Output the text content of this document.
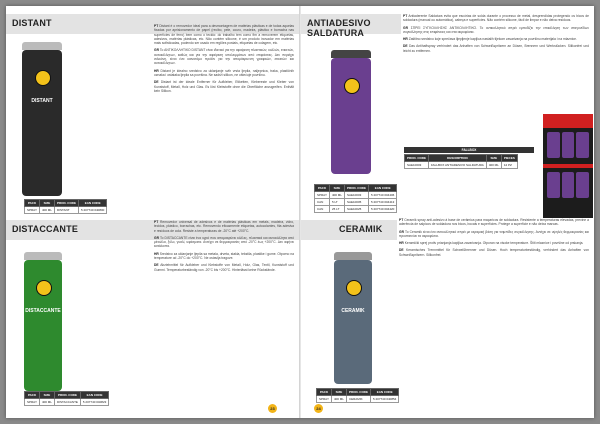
DISTANT
DISTANT

PT Distant é o removedor ideal para a desmontagem de matérias plásticas e de todas aquelas fixadas por aprisionamento de papel (recibo, pele, couro, madeira, plástico e borracha nas superfícies de ferro) bem como o tecido: do trabalho tem como fim a removerem etiquetas, adesivos, matérias plásticas, etc. Não contém silicone, é um produto inovador em matérias mais sofisticadas, podendo ser usado em regiões postais, etiquetas de colagem, etc.

GR Το ΑΝΤΙΚΟΛΛΗΤΙΚΟ DISTANT είναι ιδανικό για την αφαίρεση πλαστικών, κολλών, ετικετών, αυτοκόλλητων, καθώς και για την αφαίρεση υπολειμμάτων από επιφάνειες. Δεν περιέχει σιλικόνη, είναι ένα καινοτόμο προϊόν για την απομάκρυνση γραφικών, ετικετών και αυτοκόλλητων.

HR Distant je idealno sredstvo za uklanjanje svih vrsta ljepila, naljepnica, traka, plastičnih oznaka i ostataka ljepila sa površina. Ne sadrži silikon, ne oštećuje površinu.

DE Distant ist der ideale Entferner für Aufkleber, Etiketten, Klebereste und Kleber von Kunststoff, Metall, Holz und Glas. Es löst Klebstoffe ohne die Oberfläche anzugreifen. Enthält kein Silikon.

PACK	SIZE	PROD. CODE	EAN CODE
SPRAY	400 ML	DISTANT	5 207740 040800
DISTACCANTE
DISTACCANTE

PT Removedor universal de adesivos e de matérias plásticas em metais, madeira, vidro, tecidos, plástico, borrachas, etc. Removendo eficazmente etiquetas, autocolantes, fita adesiva e resíduos de cola. Resiste a temperaturas de -20°C até +200°C.

GR Το DISTACCANTE είναι ένα υγρό που απομακρύνει κόλλες, πλαστικά και αυτοκόλλητα από μέταλλα, ξύλο, γυαλί, υφάσματα. Αντέχει σε θερμοκρασίες από -20°C έως +200°C. Δεν αφήνει κατάλοιπα.

HR Sredstvo za uklanjanje ljepila sa metala, drveta, stakla, tekstila, plastike i gume. Otporno na temperature od -20°C do +200°C. Ne ostavlja tragove.

DE Abziehmittel für Aufkleber und Klebstoffe von Metall, Holz, Glas, Textil, Kunststoff und Gummi. Temperaturbeständig von -20°C bis +200°C. Hinterlässt keine Rückstände.

PACK	SIZE	PROD. CODE	EAN CODE
SPRAY	400 ML	DISTACCANTE	5 207740 040823
23
ANTIADESIVO SALDATURA

PT Antiaderente Saldatura evita que escórias de solda durante o processo de metal, desprendidas protegendo os bicos de soldadura (manual ou automática), cabeça e superfícies. Não contém silicone, fácil de limpar e não deixa resíduos.

GR ΣΠΡΕΙ ΣΥΓΚΟΛΛΗΣΗΣ ΑΝΤΙΚΟΛΛΗΤΙΚΟ. Το αντικολλητικό σπρέι εμποδίζει την επικόλληση των σταγονιδίων συγκόλλησης στις επιφάνειες και στα ακροφύσια.

HR Zaštitno sredstvo koje sprečava lijepljenje kapljica nastalih tijekom zavarivanja na površinu materijala i na mlaznice.

DE Das Antihaftspray verhindert das Anhaften von Schweißspritzern an Düsen, Brennern und Werkstücken. Silikonfrei und leicht zu entfernen.

FALLBOX
PROD. CODE	DESCRIPTION	SIZE	PIECES
SAE10003	FALLBOX ANTIADESIVO SALDATURA	400 ML	12 PZ
PACK	SIZE	PROD. CODE	EAN CODE
SPRAY	400 ML	SAE10003	5 207740 004406
CAN	5 LT	SAE10005	5 207740 004413
CAN	25 LT	SAE10025	5 207740 004420
CERAMIK

PT Ceramik spray anti-adesivo à base de cerâmica para maçaricos de soldadura. Resistente a temperaturas elevadas, previne a aderência de salpicos de soldadura nos bicos, bocais e superfícies. Protege a superfície e não deixa marcas.

GR Το Ceramik είναι ένα αντικολλητικό σπρέι με κεραμική βάση για τσιμπίδες συγκόλλησης. Αντέχει σε υψηλές θερμοκρασίες και προστατεύει τα ακροφύσια.

HR Keramički sprej protiv prianjanja kapljica zavarivanja. Otporan na visoke temperature. Štiti mlaznice i površine od prskanja.

DE Keramisches Trennmittel für Schweißbrenner und Düsen. Hoch temperaturbeständig, verhindert das Anhaften von Schweißspritzern. Silikonfrei.

CERAMIK
PACK	SIZE	PROD. CODE	EAN CODE
SPRAY	400 ML	CERAMIK	5 207740 040854
24
